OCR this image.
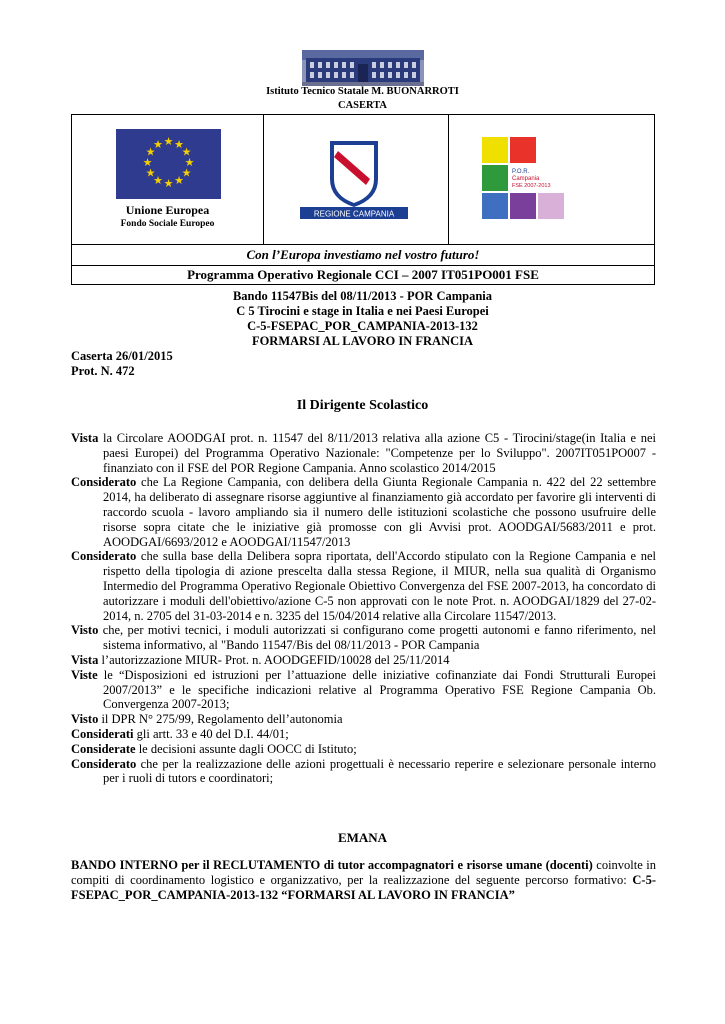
Istituto Tecnico Statale M. BUONARROTI
CASERTA
★ ★
★
★
★
★
★
★
★
★
★
★
Unione Europea
Fondo Sociale Europeo
REGIONE CAMPANIA
P.O.R.
Campania
FSE 2007-2013
Con l’Europa investiamo nel vostro futuro!
Programma Operativo Regionale CCI – 2007 IT051PO001 FSE
Bando 11547Bis del 08/11/2013 - POR Campania
C 5 Tirocini e stage in Italia e nei Paesi Europei
C-5-FSEPAC_POR_CAMPANIA-2013-132
FORMARSI AL LAVORO IN FRANCIA
Caserta 26/01/2015
Prot. N. 472
Il Dirigente Scolastico

Vista la Circolare AOODGAI prot. n. 11547 del 8/11/2013 relativa alla azione C5 - Tirocini/stage(in Italia e nei paesi Europei) del Programma Operativo Nazionale: "Competenze per lo Sviluppo". 2007IT051PO007 - finanziato con il FSE del POR Regione Campania. Anno scolastico 2014/2015

Considerato che La Regione Campania, con delibera della Giunta Regionale Campania n. 422 del 22 settembre 2014, ha deliberato di assegnare risorse aggiuntive al finanziamento già accordato per favorire gli interventi di raccordo scuola - lavoro ampliando sia il numero delle istituzioni scolastiche che possono usufruire delle risorse sopra citate che le iniziative già promosse con gli Avvisi prot. AOODGAI/5683/2011 e prot. AOODGAI/6693/2012 e AOODGAI/11547/2013

Considerato che sulla base della Delibera sopra riportata, dell'Accordo stipulato con la Regione Campania e nel rispetto della tipologia di azione prescelta dalla stessa Regione, il MIUR, nella sua qualità di Organismo Intermedio del Programma Operativo Regionale Obiettivo Convergenza del FSE 2007-2013, ha concordato di autorizzare i moduli dell'obiettivo/azione C-5 non approvati con le note Prot. n. AOODGAI/1829 del 27-02-2014, n. 2705 del 31-03-2014 e n. 3235 del 15/04/2014 relative alla Circolare 11547/2013.

Visto che, per motivi tecnici, i moduli autorizzati si configurano come progetti autonomi e fanno riferimento, nel sistema informativo, al "Bando 11547/Bis del 08/11/2013 - POR Campania

Vista l’autorizzazione MIUR- Prot. n. AOODGEFID/10028 del 25/11/2014

Viste le “Disposizioni ed istruzioni per l’attuazione delle iniziative cofinanziate dai Fondi Strutturali Europei 2007/2013” e le specifiche indicazioni relative al Programma Operativo FSE Regione Campania Ob. Convergenza 2007-2013;

Visto il DPR N° 275/99, Regolamento dell’autonomia

Considerati gli artt. 33 e 40 del D.I. 44/01;

Considerate le decisioni assunte dagli OOCC di Istituto;

Considerato che per la realizzazione delle azioni progettuali è necessario reperire e selezionare personale interno per i ruoli di tutors e coordinatori;

EMANA
BANDO INTERNO per il RECLUTAMENTO di tutor accompagnatori e risorse umane (docenti) coinvolte in compiti di coordinamento logistico e organizzativo, per la realizzazione del seguente percorso formativo: C-5-FSEPAC_POR_CAMPANIA-2013-132 “FORMARSI AL LAVORO IN FRANCIA”
